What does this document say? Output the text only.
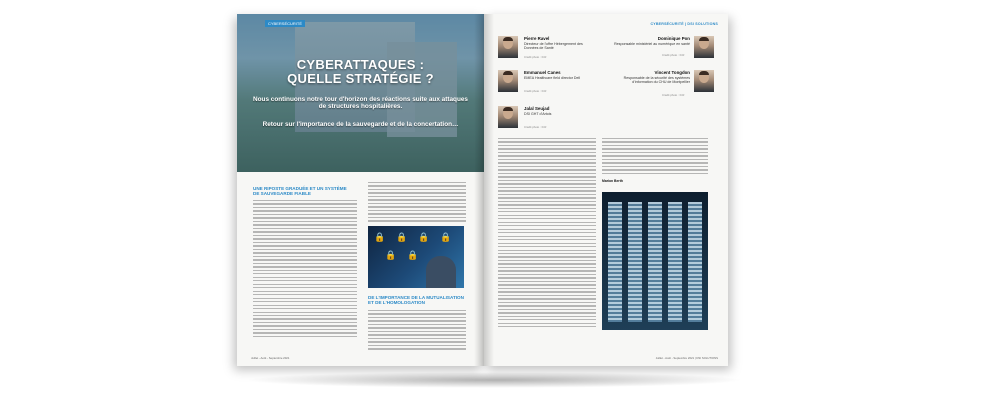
CYBERSÉCURITÉ
CYBERATTAQUES :
QUELLE STRATÉGIE ?
Nous continuons notre tour d'horizon des réactions suite aux attaques de structures hospitalières.
Retour sur l'importance de la sauvegarde et de la concertation…
UNE RIPOSTE GRADUÉE ET UN SYSTÈME DE SAUVEGARDE FIABLE
🔒 🔒 🔒 🔒
🔒 🔒
DE L'IMPORTANCE DE LA MUTUALISATION ET DE L'HOMOLOGATION
Juillet - Août - Septembre 2021
CYBERSÉCURITÉ | DSI SOLUTIONS
Pierre Ravel
Directeur de l'offre Hébergement des Données de Santé
Crédit photo : D.R
Dominique Pon
Responsable ministériel au numérique en santé
Crédit photo : D.R
Emmanuel Canes
EMEA Healthcare field director Dell
Crédit photo : D.R
Vincent Tongdon
Responsable de la sécurité des systèmes d'information du CHU de Montpellier
Crédit photo : D.R
Jalal Seujad
DSI GHT d'Artois
Crédit photo : D.R
Marion Berth
Juillet - Août - Septembre 2021 | DSI SOLUTIONS
